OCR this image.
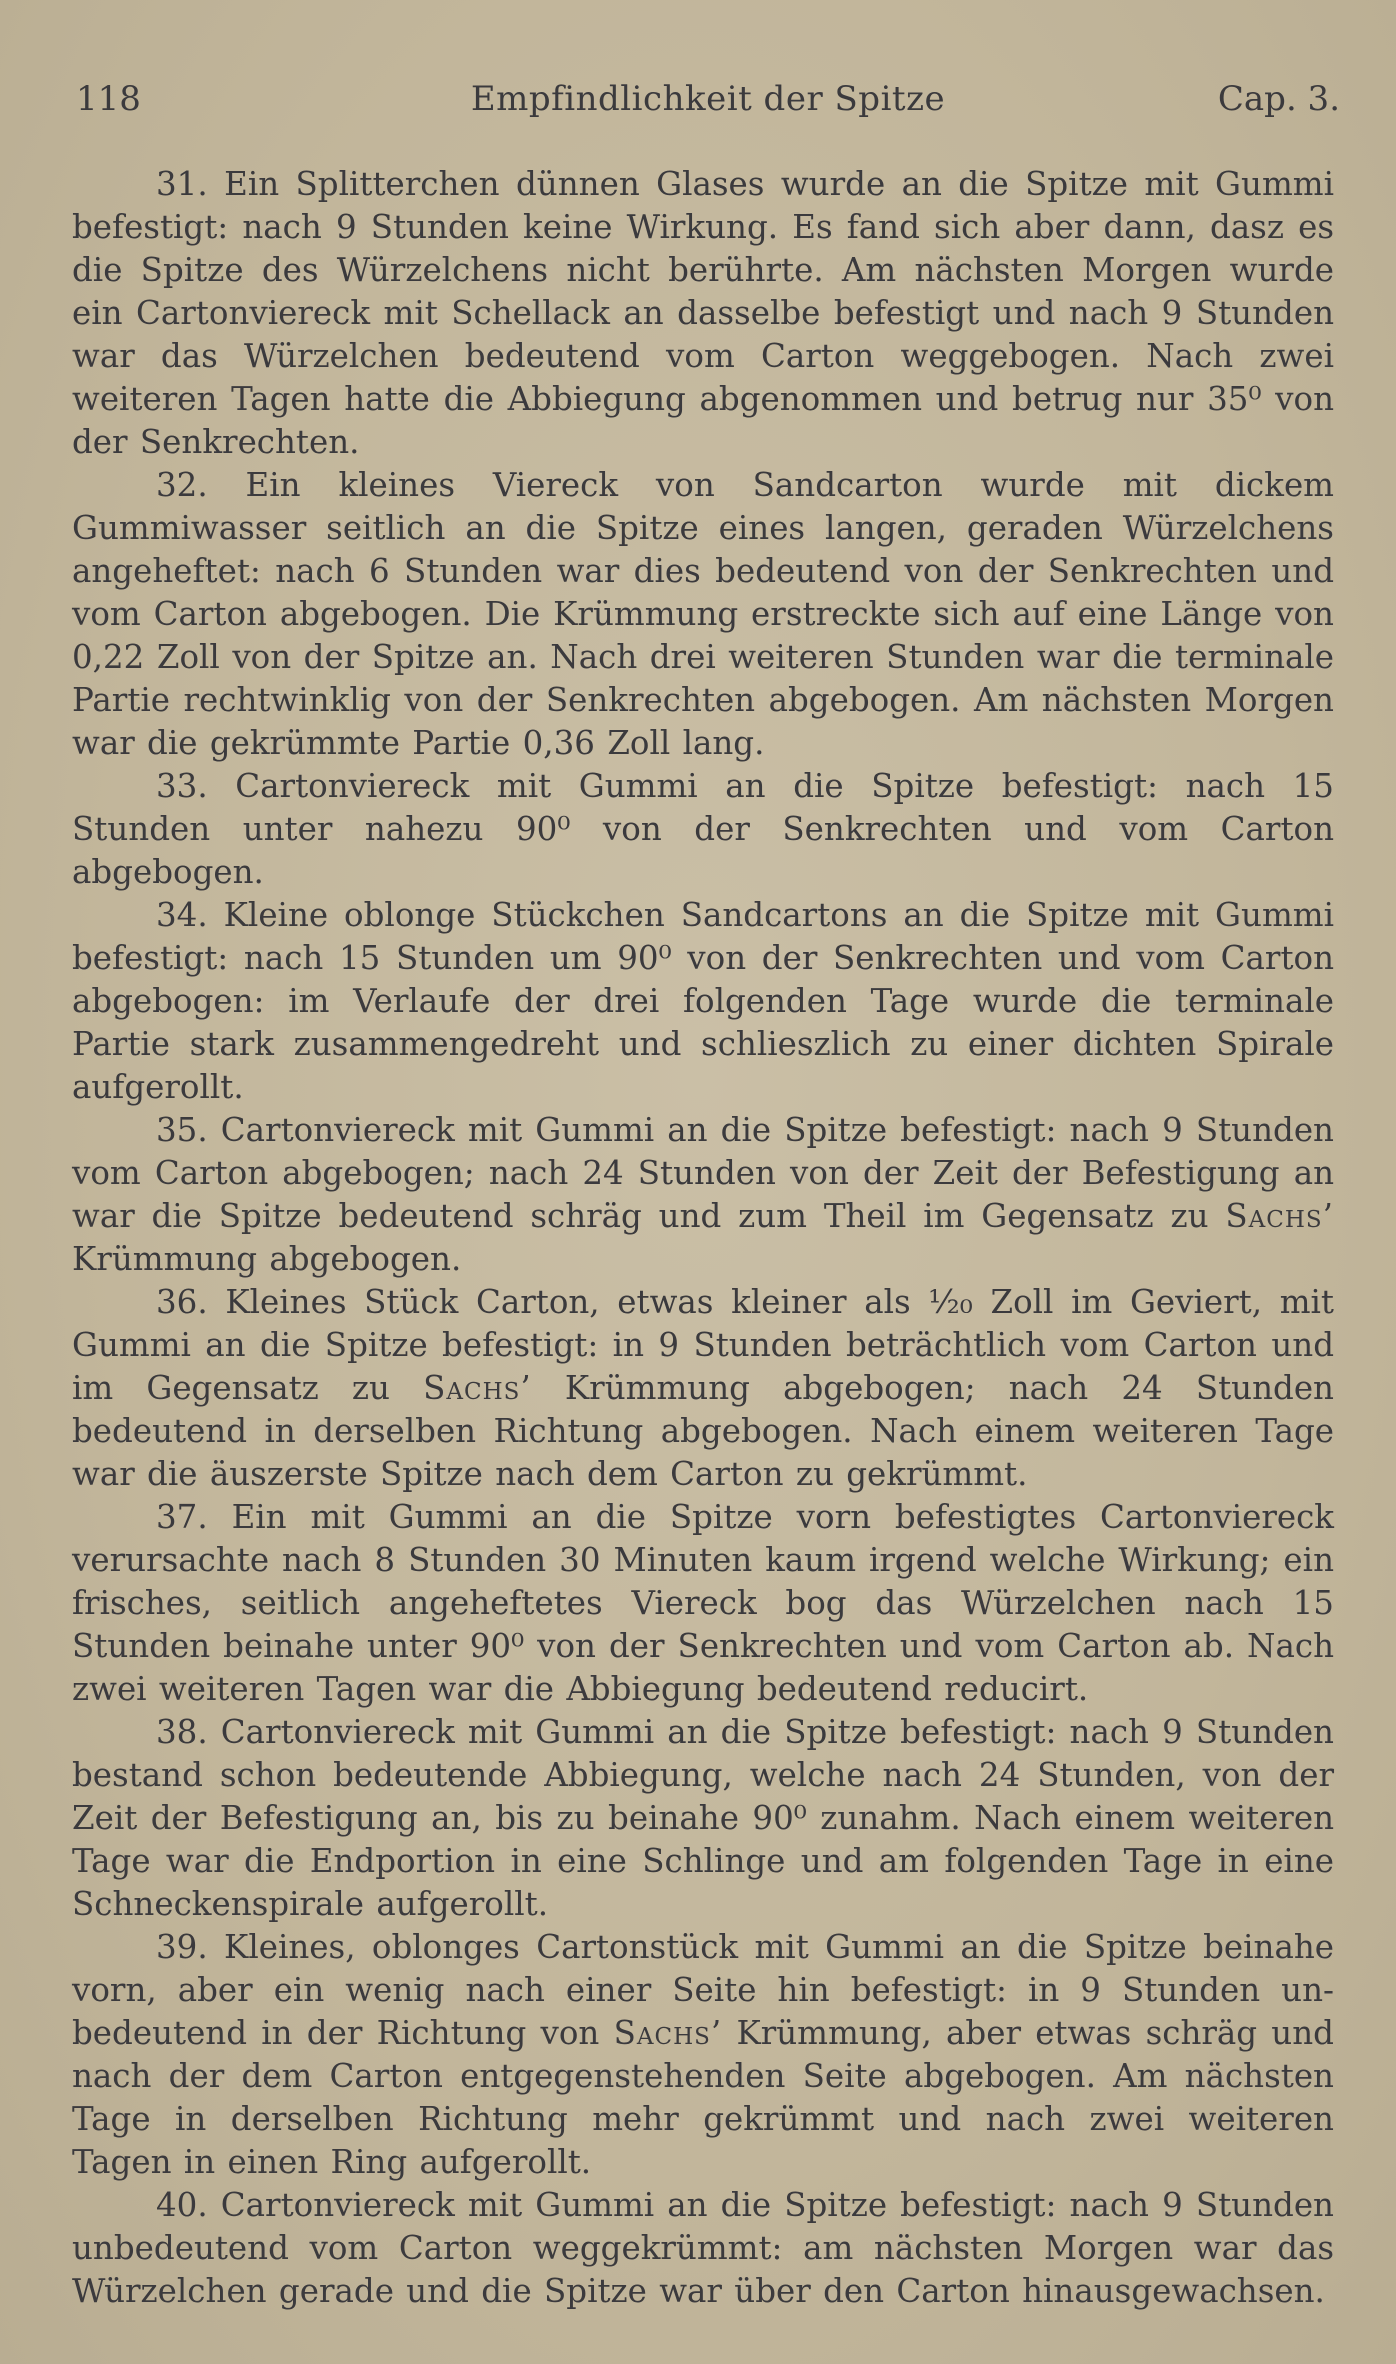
118	Empfindlichkeit der Spitze	Cap. 3.

31. Ein Splitterchen dünnen Glases wurde an die Spitze mit Gummi befestigt: nach 9 Stunden keine Wirkung. Es fand sich aber dann, dasz es die Spitze des Würzelchens nicht berührte. Am nächsten Morgen wurde ein Cartonviereck mit Schellack an dasselbe befestigt und nach 9 Stunden war das Würzelchen bedeutend vom Carton weggebogen. Nach zwei weiteren Tagen hatte die Abbiegung abgenommen und betrug nur 35⁰ von der Senkrechten.

32. Ein kleines Viereck von Sandcarton wurde mit dickem Gummiwasser seitlich an die Spitze eines langen, geraden Würzelchens angeheftet: nach 6 Stunden war dies bedeutend von der Senkrechten und vom Carton abgebogen. Die Krümmung erstreckte sich auf eine Länge von 0,22 Zoll von der Spitze an. Nach drei weiteren Stunden war die terminale Partie rechtwinklig von der Senkrechten abgebogen. Am nächsten Morgen war die gekrümmte Partie 0,36 Zoll lang.

33. Cartonviereck mit Gummi an die Spitze befestigt: nach 15 Stunden unter nahezu 90⁰ von der Senkrechten und vom Carton abgebogen.

34. Kleine oblonge Stückchen Sandcartons an die Spitze mit Gummi befestigt: nach 15 Stunden um 90⁰ von der Senkrechten und vom Carton abgebogen: im Verlaufe der drei folgenden Tage wurde die terminale Partie stark zusammengedreht und schlieszlich zu einer dichten Spirale aufgerollt.

35. Cartonviereck mit Gummi an die Spitze befestigt: nach 9 Stunden vom Carton abgebogen; nach 24 Stunden von der Zeit der Befestigung an war die Spitze bedeutend schräg und zum Theil im Gegensatz zu Sachs’ Krümmung abgebogen.

36. Kleines Stück Carton, etwas kleiner als ¹⁄₂₀ Zoll im Geviert, mit Gummi an die Spitze befestigt: in 9 Stunden beträchtlich vom Carton und im Gegensatz zu Sachs’ Krümmung abgebogen; nach 24 Stunden bedeutend in derselben Richtung abgebogen. Nach einem weiteren Tage war die äuszerste Spitze nach dem Carton zu gekrümmt.

37. Ein mit Gummi an die Spitze vorn befestigtes Cartonviereck verursachte nach 8 Stunden 30 Minuten kaum irgend welche Wirkung; ein frisches, seitlich angeheftetes Viereck bog das Würzelchen nach 15 Stunden beinahe unter 90⁰ von der Senkrechten und vom Carton ab. Nach zwei weiteren Tagen war die Abbiegung bedeutend reducirt.

38. Cartonviereck mit Gummi an die Spitze befestigt: nach 9 Stunden bestand schon bedeutende Abbiegung, welche nach 24 Stunden, von der Zeit der Befestigung an, bis zu beinahe 90⁰ zunahm. Nach einem weiteren Tage war die Endportion in eine Schlinge und am folgenden Tage in eine Schneckenspirale aufgerollt.

39. Kleines, oblonges Cartonstück mit Gummi an die Spitze beinahe vorn, aber ein wenig nach einer Seite hin befestigt: in 9 Stunden unbedeutend in der Richtung von Sachs’ Krümmung, aber etwas schräg und nach der dem Carton entgegenstehenden Seite abgebogen. Am nächsten Tage in derselben Richtung mehr gekrümmt und nach zwei weiteren Tagen in einen Ring aufgerollt.

40. Cartonviereck mit Gummi an die Spitze befestigt: nach 9 Stunden unbedeutend vom Carton weggekrümmt: am nächsten Morgen war das Würzelchen gerade und die Spitze war über den Carton hinausgewachsen.
